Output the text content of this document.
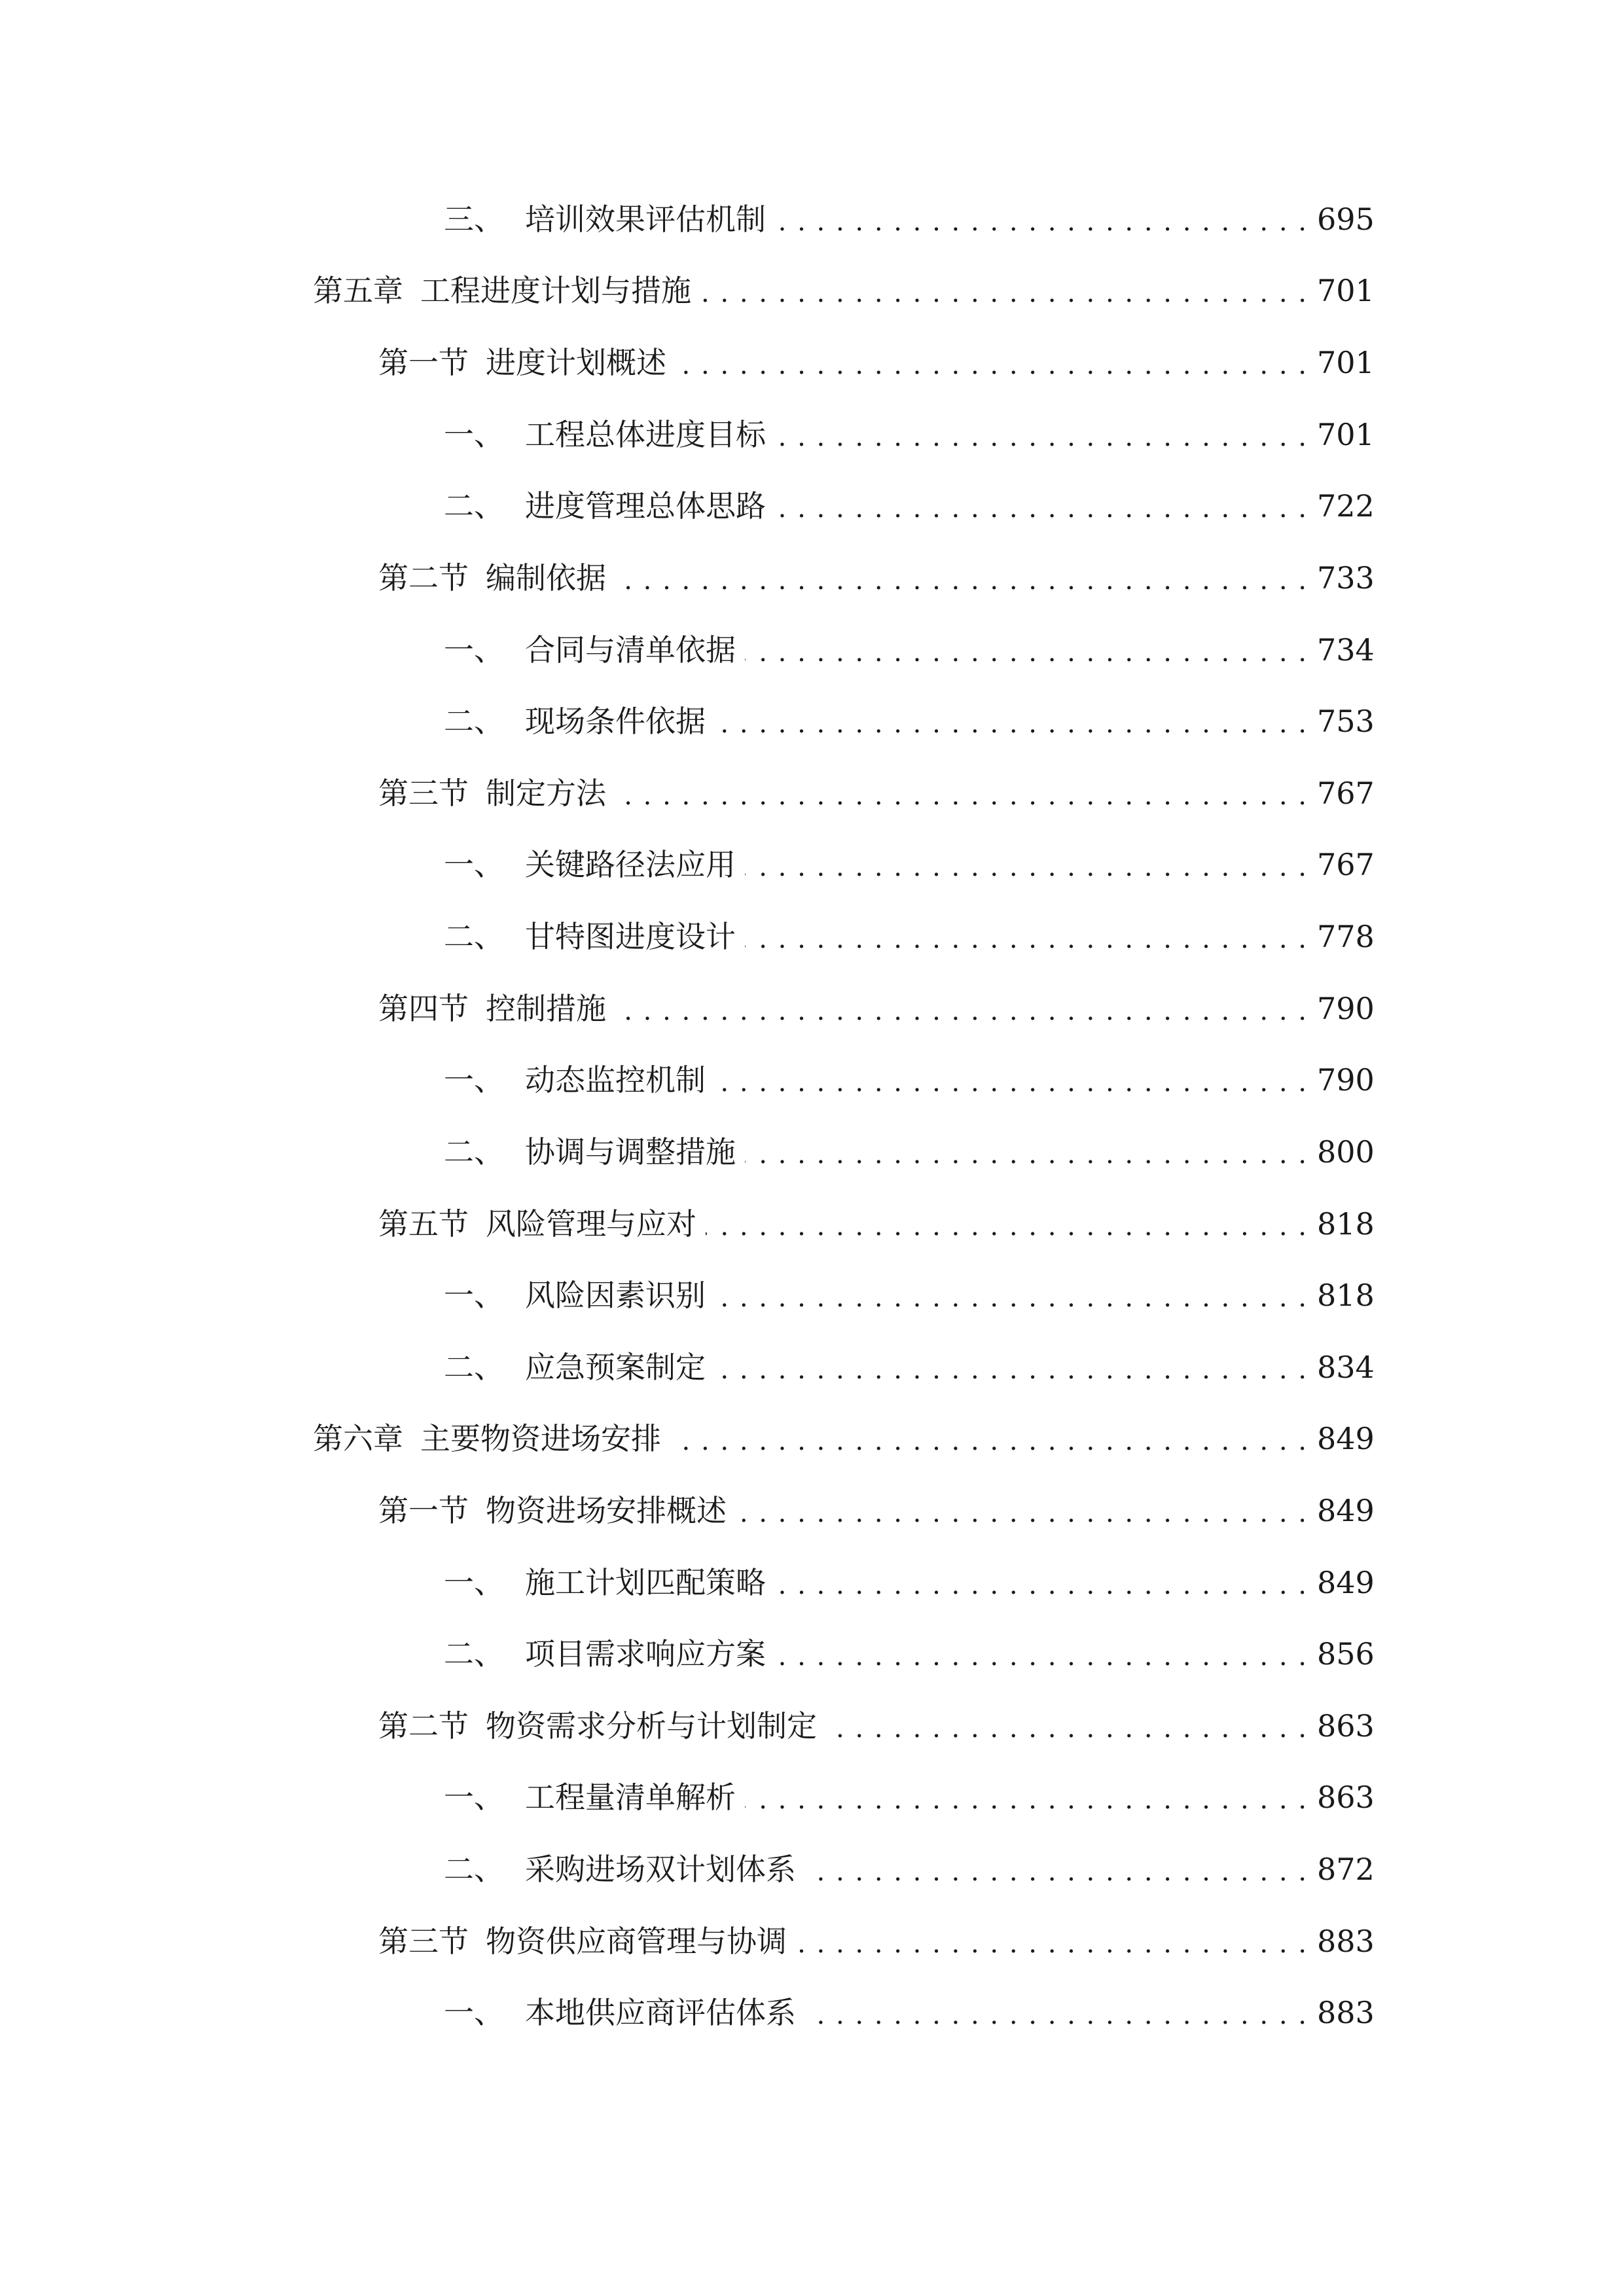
三、 培训效果评估机制 . . .	695
第五章 工程进度计划与措施 . . .	701
第一节 进度计划概述 . . .	701
一、 工程总体进度目标 . . .	701
二、 进度管理总体思路 . . .	722
第二节 编制依据 . . .	733
一、 合同与清单依据 . . .	734
二、 现场条件依据 . . .	753
第三节 制定方法 . . .	767
一、 关键路径法应用 . . .	767
二、 甘特图进度设计 . . .	778
第四节 控制措施 . . .	790
一、 动态监控机制 . . .	790
二、 协调与调整措施 . . .	800
第五节 风险管理与应对 . . .	818
一、 风险因素识别 . . .	818
二、 应急预案制定 . . .	834
第六章 主要物资进场安排 . . .	849
第一节 物资进场安排概述 . . .	849
一、 施工计划匹配策略 . . .	849
二、 项目需求响应方案 . . .	856
第二节 物资需求分析与计划制定 . . .	863
一、 工程量清单解析 . . .	863
二、 采购进场双计划体系 . . .	872
第三节 物资供应商管理与协调 . . .	883
一、 本地供应商评估体系 . . .	883
